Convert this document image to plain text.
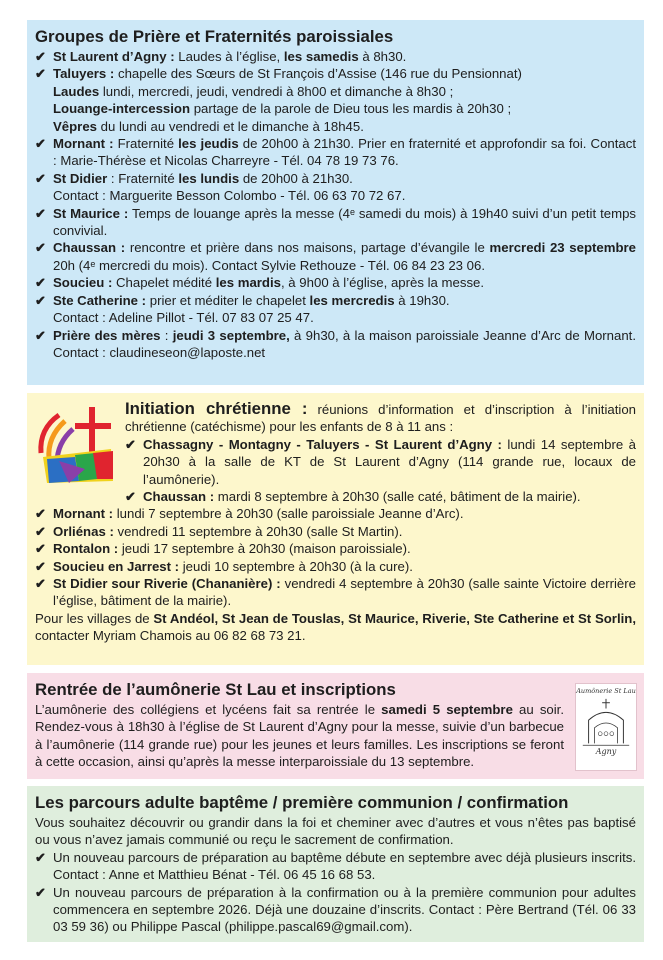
Groupes de Prière et Fraternités paroissiales
✔ St Laurent d’Agny : Laudes à l’église, les samedis à 8h30.
✔ Taluyers : chapelle des Sœurs de St François d’Assise (146 rue du Pensionnat)
Laudes lundi, mercredi, jeudi, vendredi à 8h00 et dimanche à 8h30 ;
Louange-intercession partage de la parole de Dieu tous les mardis à 20h30 ;
Vêpres du lundi au vendredi et le dimanche à 18h45.
✔ Mornant : Fraternité les jeudis de 20h00 à 21h30. Prier en fraternité et approfondir sa foi. Contact : Marie-Thérèse et Nicolas Charreyre - Tél. 04 78 19 73 76.
✔ St Didier : Fraternité les lundis de 20h00 à 21h30.
Contact : Marguerite Besson Colombo - Tél. 06 63 70 72 67.
✔ St Maurice : Temps de louange après la messe (4ᵉ samedi du mois) à 19h40 suivi d’un petit temps convivial.
✔ Chaussan : rencontre et prière dans nos maisons, partage d’évangile le mercredi 23 septembre 20h (4ᵉ mercredi du mois). Contact Sylvie Rethouze - Tél. 06 84 23 23 06.
✔ Soucieu : Chapelet médité les mardis, à 9h00 à l’église, après la messe.
✔ Ste Catherine : prier et méditer le chapelet les mercredis à 19h30.
Contact : Adeline Pillot - Tél. 07 83 07 25 47.
✔ Prière des mères : jeudi 3 septembre, à 9h30, à la maison paroissiale Jeanne d’Arc de Mornant. Contact : claudineseon@laposte.net
Initiation chrétienne : réunions d’information et d’inscription à l’initiation chrétienne (catéchisme) pour les enfants de 8 à 11 ans :
✔ Chassagny - Montagny - Taluyers - St Laurent d’Agny : lundi 14 septembre à 20h30 à la salle de KT de St Laurent d’Agny (114 grande rue, locaux de l’aumônerie).
✔ Chaussan : mardi 8 septembre à 20h30 (salle caté, bâtiment de la mairie).
✔ Mornant : lundi 7 septembre à 20h30 (salle paroissiale Jeanne d’Arc).
✔ Orliénas : vendredi 11 septembre à 20h30 (salle St Martin).
✔ Rontalon : jeudi 17 septembre à 20h30 (maison paroissiale).
✔ Soucieu en Jarrest : jeudi 10 septembre à 20h30 (à la cure).
✔ St Didier sour Riverie (Chananière) : vendredi 4 septembre à 20h30 (salle sainte Victoire derrière l’église, bâtiment de la mairie).
Pour les villages de St Andéol, St Jean de Touslas, St Maurice, Riverie, Ste Catherine et St Sorlin, contacter Myriam Chamois au 06 82 68 73 21.
Rentrée de l’aumônerie St Lau et inscriptions
L’aumônerie des collégiens et lycéens fait sa rentrée le samedi 5 septembre au soir. Rendez-vous à 18h30 à l’église de St Laurent d’Agny pour la messe, suivie d’un barbecue à l’aumônerie (114 grande rue) pour les jeunes et leurs familles. Les inscriptions se feront à cette occasion, ainsi qu’après la messe interparoissiale du 13 septembre.
Aumônerie St Lau
Agny
Les parcours adulte baptême / première communion / confirmation
Vous souhaitez découvrir ou grandir dans la foi et cheminer avec d’autres et vous n’êtes pas baptisé ou vous n’avez jamais communié ou reçu le sacrement de confirmation.
✔ Un nouveau parcours de préparation au baptême débute en septembre avec déjà plusieurs inscrits. Contact : Anne et Matthieu Bénat - Tél. 06 45 16 68 53.
✔ Un nouveau parcours de préparation à la confirmation ou à la première communion pour adultes commencera en septembre 2026. Déjà une douzaine d’inscrits. Contact : Père Bertrand (Tél. 06 33 03 59 36) ou Philippe Pascal (philippe.pascal69@gmail.com).
